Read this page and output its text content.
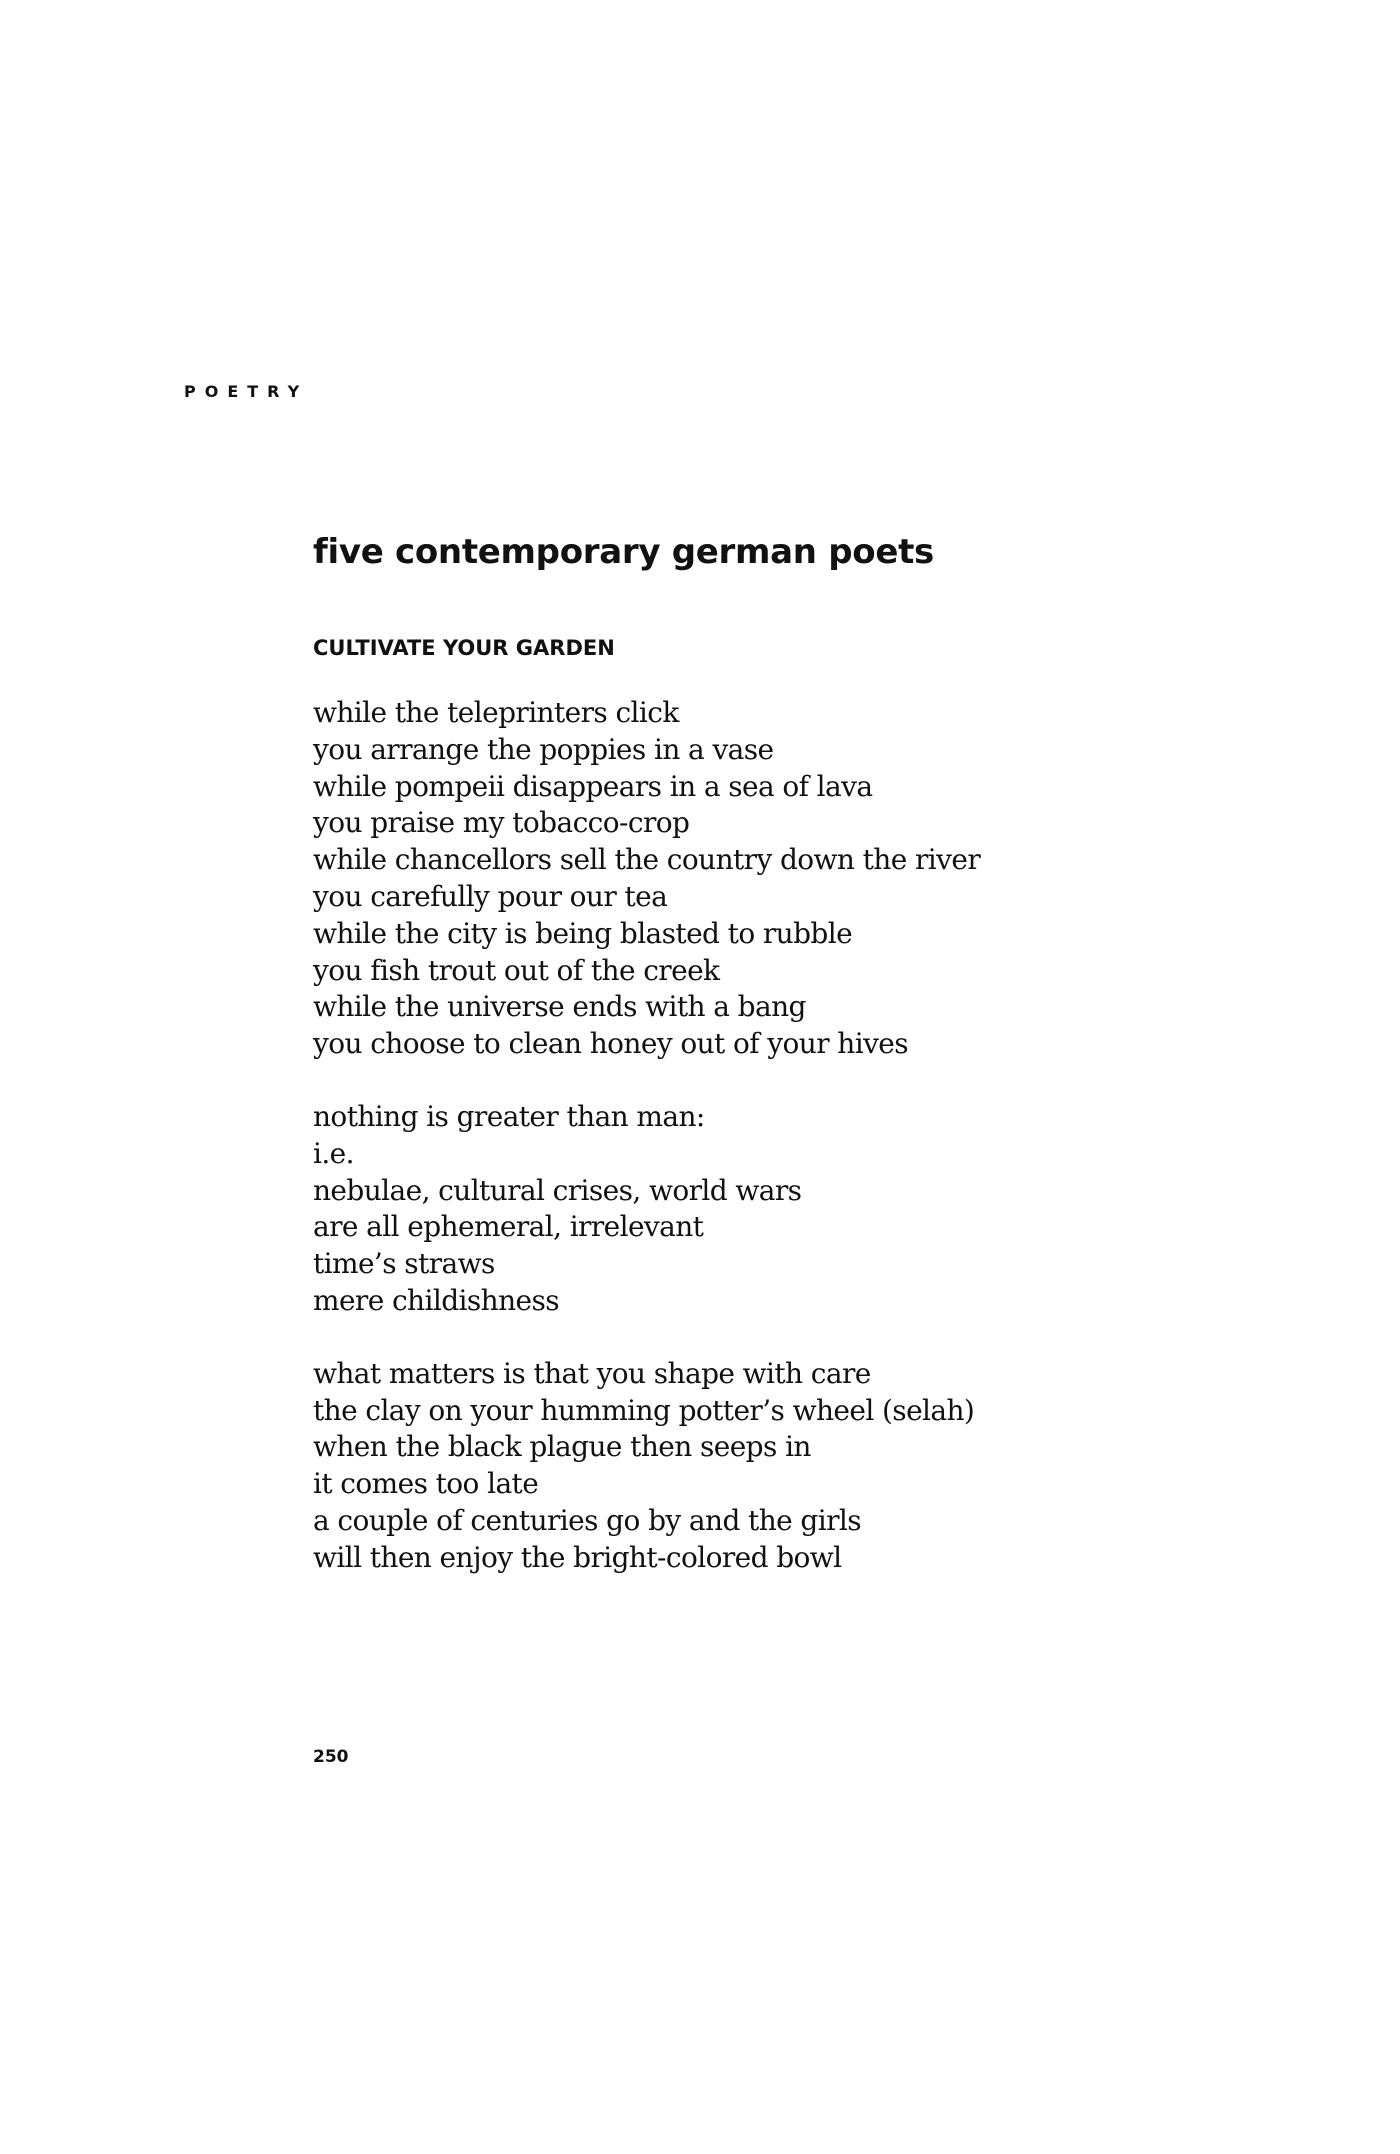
POETRY

five contemporary german poets
CULTIVATE YOUR GARDEN
while the teleprinters click
you arrange the poppies in a vase
while pompeii disappears in a sea of lava
you praise my tobacco-crop
while chancellors sell the country down the river
you carefully pour our tea
while the city is being blasted to rubble
you fish trout out of the creek
while the universe ends with a bang
you choose to clean honey out of your hives
nothing is greater than man:
i.e.
nebulae, cultural crises, world wars
are all ephemeral, irrelevant
time’s straws
mere childishness
what matters is that you shape with care
the clay on your humming potter’s wheel (selah)
when the black plague then seeps in
it comes too late
a couple of centuries go by and the girls
will then enjoy the bright-colored bowl

250
